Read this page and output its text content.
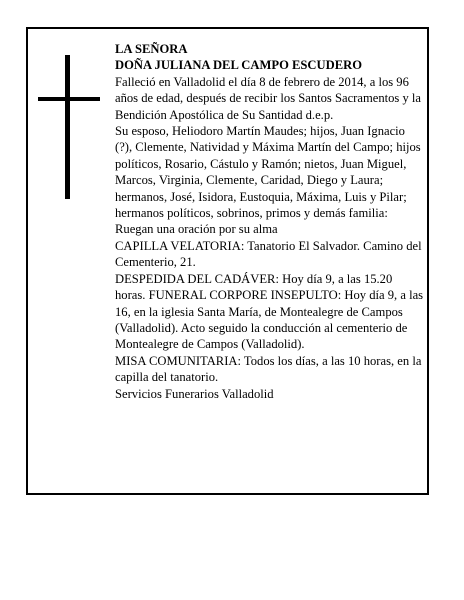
LA SEÑORA

DOÑA JULIANA DEL CAMPO ESCUDERO

Falleció en Valladolid el día 8 de febrero de 2014, a los 96 años de edad, después de recibir los Santos Sacramentos y la Bendición Apostólica de Su Santidad d.e.p.

Su esposo, Heliodoro Martín Maudes; hijos, Juan Ignacio (?), Clemente, Natividad y Máxima Martín del Campo; hijos políticos, Rosario, Cástulo y Ramón; nietos, Juan Miguel, Marcos, Virginia, Clemente, Caridad, Diego y Laura; hermanos, José, Isidora, Eustoquia, Máxima, Luis y Pilar; hermanos políticos, sobrinos, primos y demás familia:

Ruegan una oración por su alma

CAPILLA VELATORIA: Tanatorio El Salvador. Camino del Cementerio, 21.

DESPEDIDA DEL CADÁVER: Hoy día 9, a las 15.20 horas. FUNERAL CORPORE INSEPULTO: Hoy día 9, a las 16, en la iglesia Santa María, de Montealegre de Campos (Valladolid). Acto seguido la conducción al cementerio de Montealegre de Campos (Valladolid).

MISA COMUNITARIA: Todos los días, a las 10 horas, en la capilla del tanatorio.

Servicios Funerarios Valladolid
